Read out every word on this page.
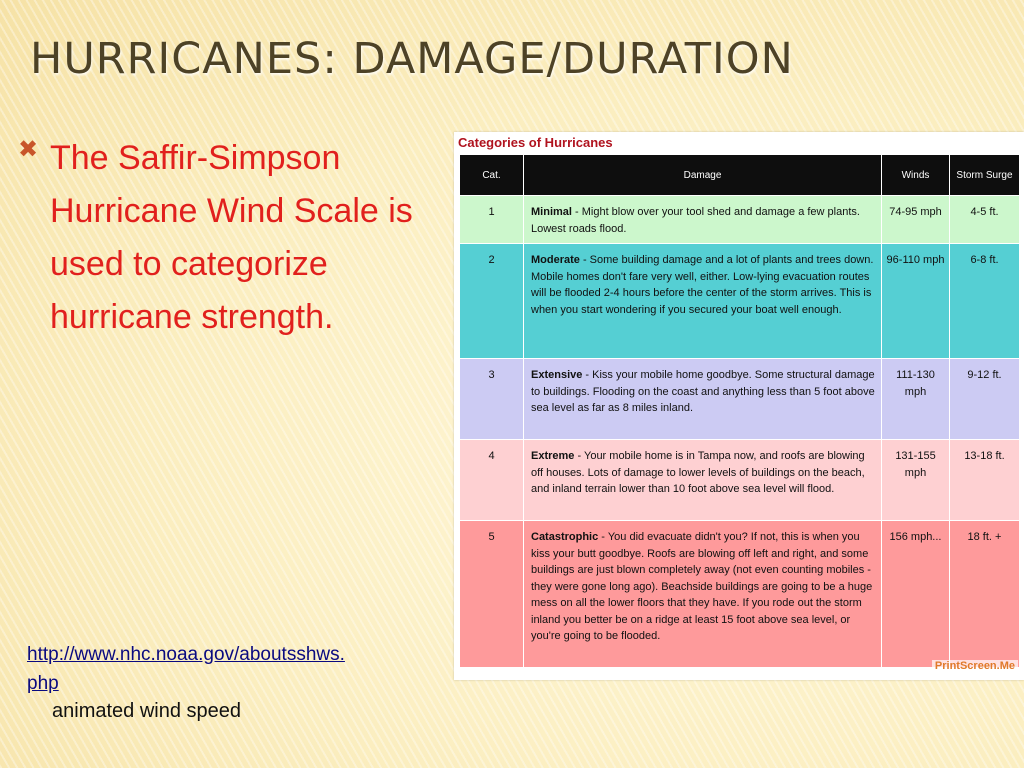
HURRICANES: DAMAGE/DURATION
✖ The Saffir-Simpson Hurricane Wind Scale is used to categorize hurricane strength.
Categories of Hurricanes
Cat.	Damage	Winds	Storm Surge
1	Minimal - Might blow over your tool shed and damage a few plants. Lowest roads flood.	74-95 mph	4-5 ft.
2	Moderate - Some building damage and a lot of plants and trees down. Mobile homes don't fare very well, either. Low-lying evacuation routes will be flooded 2-4 hours before the center of the storm arrives. This is when you start wondering if you secured your boat well enough.	96-110 mph	6-8 ft.
3	Extensive - Kiss your mobile home goodbye. Some structural damage to buildings. Flooding on the coast and anything less than 5 foot above sea level as far as 8 miles inland.	111-130 mph	9-12 ft.
4	Extreme - Your mobile home is in Tampa now, and roofs are blowing off houses. Lots of damage to lower levels of buildings on the beach, and inland terrain lower than 10 foot above sea level will flood.	131-155 mph	13-18 ft.
5	Catastrophic - You did evacuate didn't you? If not, this is when you kiss your butt goodbye. Roofs are blowing off left and right, and some buildings are just blown completely away (not even counting mobiles - they were gone long ago). Beachside buildings are going to be a huge mess on all the lower floors that they have. If you rode out the storm inland you better be on a ridge at least 15 foot above sea level, or you're going to be flooded.	156 mph...	18 ft. +
PrintScreen.Me
http://www.nhc.noaa.gov/aboutsshws.php
animated wind speed
